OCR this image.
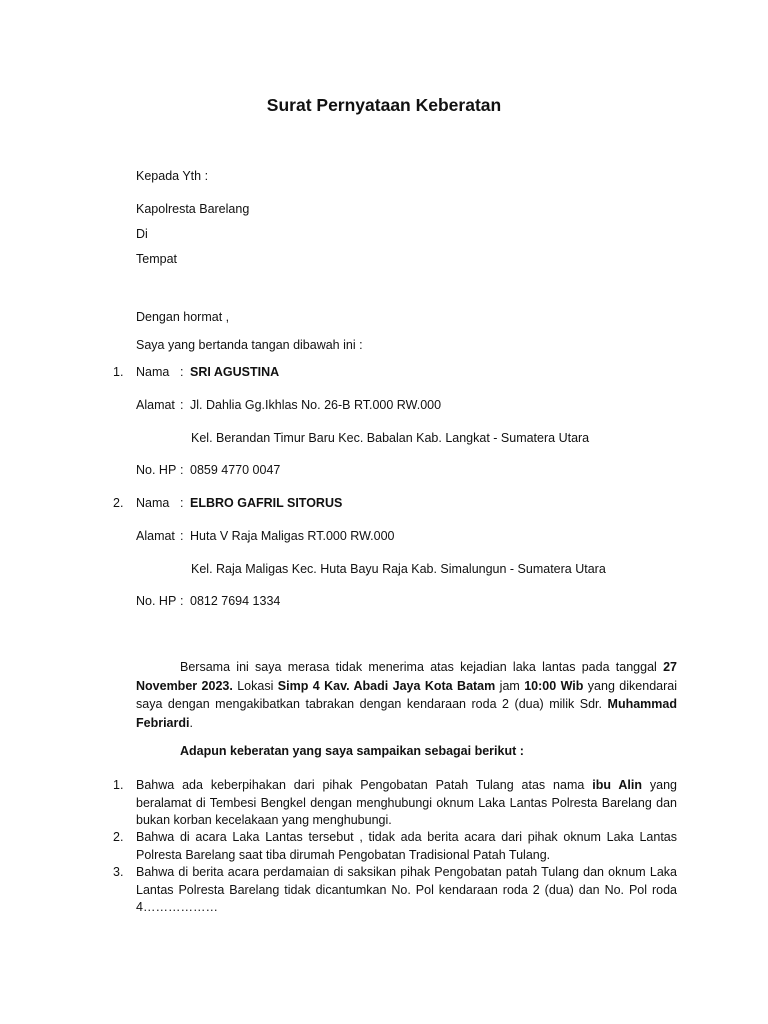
Surat Pernyataan Keberatan
Kepada Yth :
Kapolresta Barelang
Di
Tempat
Dengan hormat ,
Saya yang bertanda tangan dibawah ini :
1. Nama : SRI AGUSTINA
Alamat : Jl. Dahlia Gg.Ikhlas No. 26-B RT.000 RW.000
Kel. Berandan Timur Baru Kec. Babalan Kab. Langkat - Sumatera Utara
No. HP : 0859 4770 0047
2. Nama : ELBRO GAFRIL SITORUS
Alamat : Huta V Raja Maligas RT.000 RW.000
Kel. Raja Maligas Kec. Huta Bayu Raja Kab. Simalungun - Sumatera Utara
No. HP : 0812 7694 1334
Bersama ini saya merasa tidak menerima atas kejadian laka lantas pada tanggal 27 November 2023. Lokasi Simp 4 Kav. Abadi Jaya Kota Batam jam 10:00 Wib yang dikendarai saya dengan mengakibatkan tabrakan dengan kendaraan roda 2 (dua) milik Sdr. Muhammad Febriardi.
Adapun keberatan yang saya sampaikan sebagai berikut :
1. Bahwa ada keberpihakan dari pihak Pengobatan Patah Tulang atas nama ibu Alin yang beralamat di Tembesi Bengkel dengan menghubungi oknum Laka Lantas Polresta Barelang dan bukan korban kecelakaan yang menghubungi.
2. Bahwa di acara Laka Lantas tersebut , tidak ada berita acara dari pihak oknum Laka Lantas Polresta Barelang saat tiba dirumah Pengobatan Tradisional Patah Tulang.
3. Bahwa di berita acara perdamaian di saksikan pihak Pengobatan patah Tulang dan oknum Laka Lantas Polresta Barelang tidak dicantumkan No. Pol kendaraan roda 2 (dua) dan No. Pol roda 4………………
